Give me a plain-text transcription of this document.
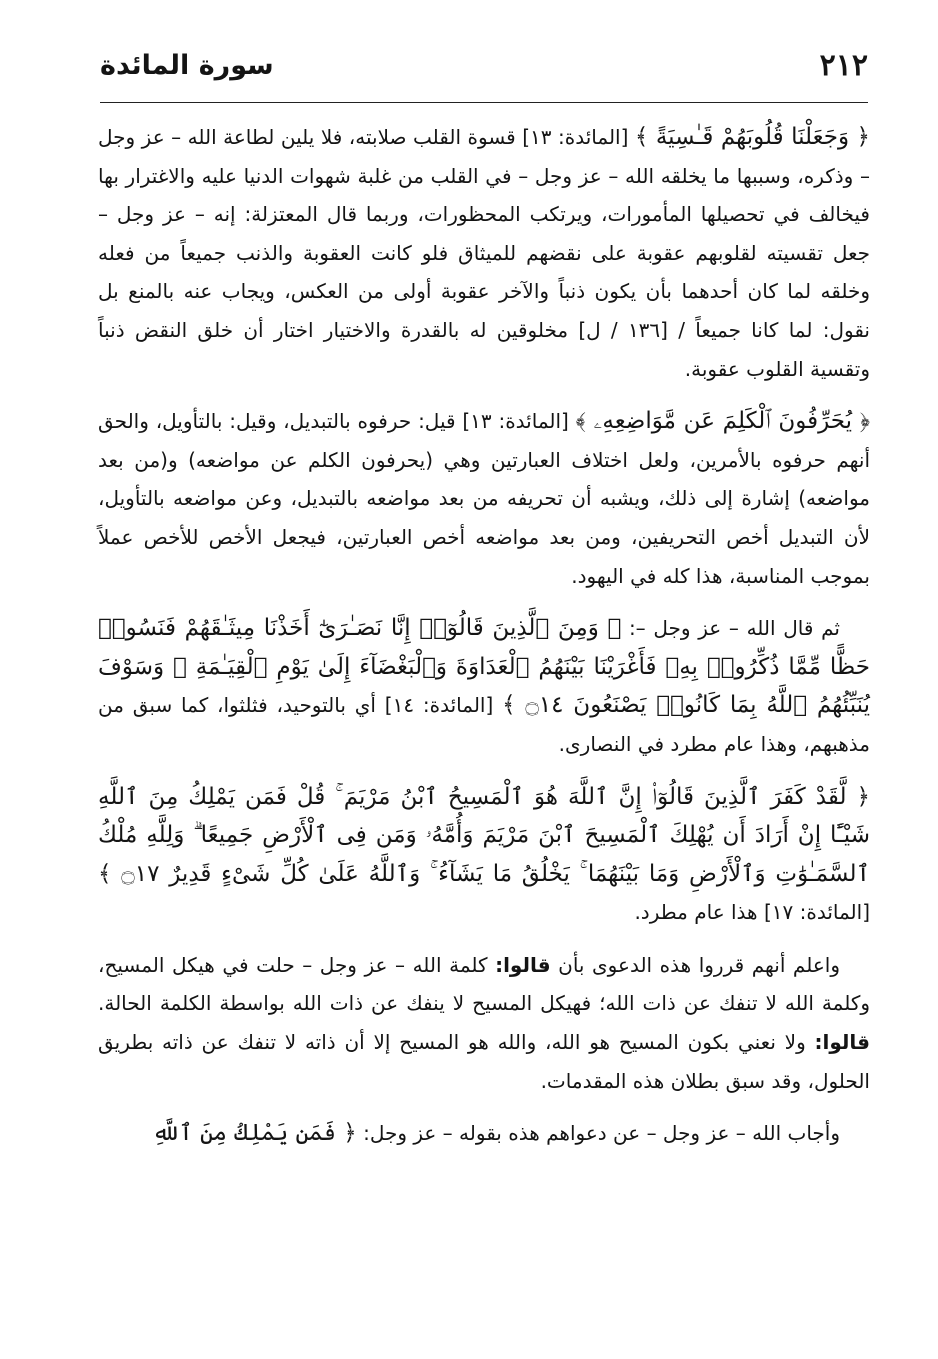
٢١٢
سورة المائدة

﴿ وَجَعَلْنَا قُلُوبَهُمْ قَـٰسِيَةً ﴾ [المائدة: ١٣] قسوة القلب صلابته، فلا يلين لطاعة الله – عز وجل – وذكره، وسببها ما يخلقه الله – عز وجل – في القلب من غلبة شهوات الدنيا عليه والاغترار بها فيخالف في تحصيلها المأمورات، ويرتكب المحظورات، وربما قال المعتزلة: إنه – عز وجل – جعل تقسيته لقلوبهم عقوبة على نقضهم للميثاق فلو كانت العقوبة والذنب جميعاً من فعله وخلقه لما كان أحدهما بأن يكون ذنباً والآخر عقوبة أولى من العكس، ويجاب عنه بالمنع بل نقول: لما كانا جميعاً / [١٣٦ / ل] مخلوقين له بالقدرة والاختيار اختار أن خلق النقض ذنباً وتقسية القلوب عقوبة.

﴿ يُحَرِّفُونَ ٱلْكَلِمَ عَن مَّوَاضِعِهِۦ ﴾ [المائدة: ١٣] قيل: حرفوه بالتبديل، وقيل: بالتأويل، والحق أنهم حرفوه بالأمرين، ولعل اختلاف العبارتين وهي (يحرفون الكلم عن مواضعه) و(من بعد مواضعه) إشارة إلى ذلك، ويشبه أن تحريفه من بعد مواضعه بالتبديل، وعن مواضعه بالتأويل، لأن التبديل أخص التحريفين، ومن بعد مواضعه أخص العبارتين، فيجعل الأخص للأخص عملاً بموجب المناسبة، هذا كله في اليهود.

ثم قال الله – عز وجل –: ﴿ وَمِنَ ٱلَّذِينَ قَالُوٓا۟ إِنَّا نَصَـٰرَىٰٓ أَخَذْنَا مِيثَـٰقَهُمْ فَنَسُوا۟ حَظًّا مِّمَّا ذُكِّرُوا۟ بِهِۦ فَأَغْرَيْنَا بَيْنَهُمُ ٱلْعَدَاوَةَ وَٱلْبَغْضَآءَ إِلَىٰ يَوْمِ ٱلْقِيَـٰمَةِ ۚ وَسَوْفَ يُنَبِّئُهُمُ ٱللَّهُ بِمَا كَانُوا۟ يَصْنَعُونَ ۝١٤ ﴾ [المائدة: ١٤] أي بالتوحيد، فثلثوا، كما سبق من مذهبهم، وهذا عام مطرد في النصارى.

﴿ لَّقَدْ كَفَرَ ٱلَّذِينَ قَالُوٓا۟ إِنَّ ٱللَّهَ هُوَ ٱلْمَسِيحُ ٱبْنُ مَرْيَمَ ۚ قُلْ فَمَن يَمْلِكُ مِنَ ٱللَّهِ شَيْـًٔا إِنْ أَرَادَ أَن يُهْلِكَ ٱلْمَسِيحَ ٱبْنَ مَرْيَمَ وَأُمَّهُۥ وَمَن فِى ٱلْأَرْضِ جَمِيعًا ۗ وَلِلَّهِ مُلْكُ ٱلسَّمَـٰوَٰتِ وَٱلْأَرْضِ وَمَا بَيْنَهُمَا ۚ يَخْلُقُ مَا يَشَآءُ ۚ وَٱللَّهُ عَلَىٰ كُلِّ شَىْءٍ قَدِيرٌ ۝١٧ ﴾ [المائدة: ١٧] هذا عام مطرد.

واعلم أنهم قرروا هذه الدعوى بأن قالوا: كلمة الله – عز وجل – حلت في هيكل المسيح، وكلمة الله لا تنفك عن ذات الله؛ فهيكل المسيح لا ينفك عن ذات الله بواسطة الكلمة الحالة. قالوا: ولا نعني بكون المسيح هو الله، والله هو المسيح إلا أن ذاته لا تنفك عن ذاته بطريق الحلول، وقد سبق بطلان هذه المقدمات.

وأجاب الله – عز وجل – عن دعواهم هذه بقوله – عز وجل: ﴿ فَمَن يَمْلِكُ مِنَ ٱللَّهِ
